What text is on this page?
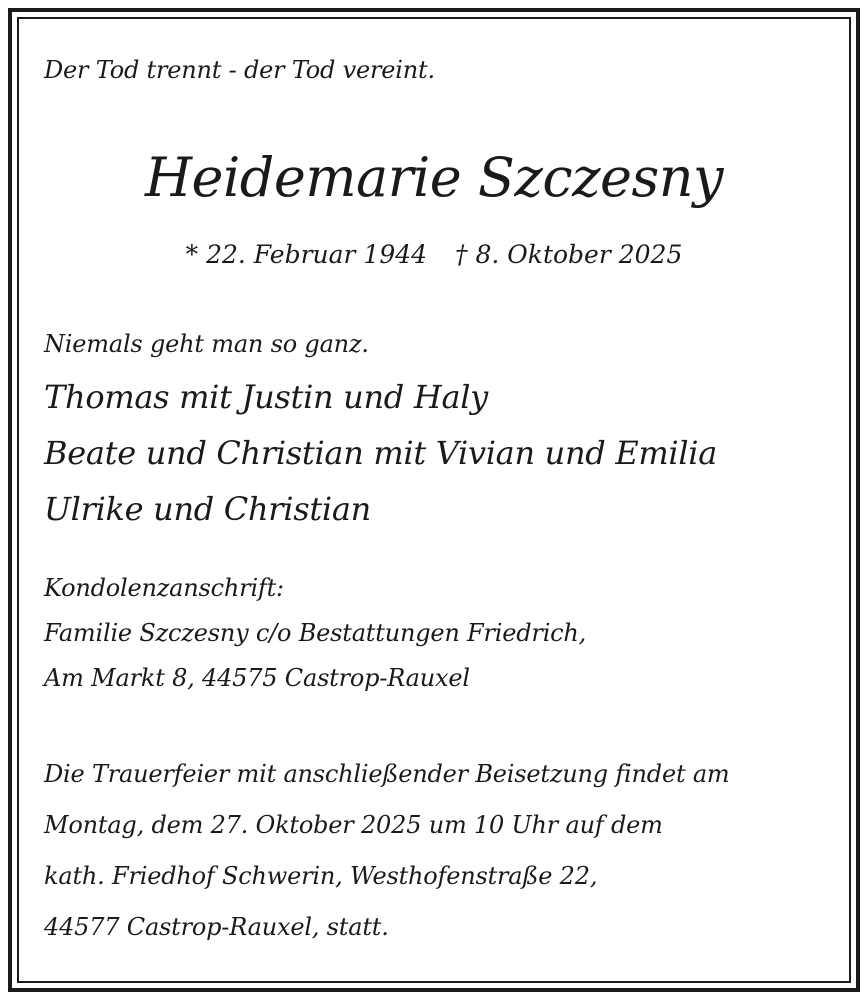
Der Tod trennt - der Tod vereint.
Heidemarie Szczesny
* 22. Februar 1944 † 8. Oktober 2025
Niemals geht man so ganz.
Thomas mit Justin und Haly
Beate und Christian mit Vivian und Emilia
Ulrike und Christian
Kondolenzanschrift:
Familie Szczesny c/o Bestattungen Friedrich,
Am Markt 8, 44575 Castrop-Rauxel
Die Trauerfeier mit anschließender Beisetzung findet am
Montag, dem 27. Oktober 2025 um 10 Uhr auf dem
kath. Friedhof Schwerin, Westhofenstraße 22,
44577 Castrop-Rauxel, statt.
